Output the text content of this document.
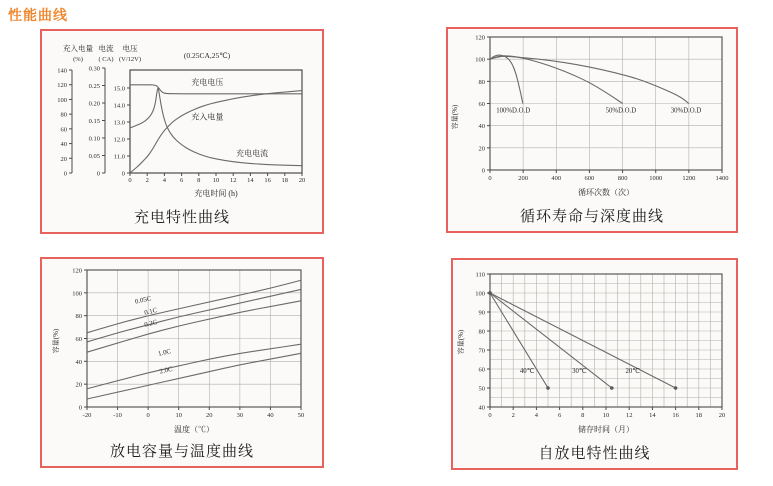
性能曲线
充入电量
(%)
电流
( CA)
电压
(V/12V)
0
20
40
60
80
100
120
140
0
0.05
0.10
0.15
0.20
0.25
0.30
0
11.0
12.0
13.0
14.0
15.0
0 2 4 6 8 10 12 14 16 18 20
(0.25CA,25℃)
充电时间 (h)
充电电压
充入电量
充电电流
充电特性曲线
0	200	400	600	800	1000	1200	1400
0
20
40
60
80
100
120
循环次数（次）
容量(%)	100%D.O.D	50%D.O.D	30%D.O.D
循环寿命与深度曲线
-20	-10	0	10	20	30	40	50
0
20
40
60
80
100
120
温度（℃）
容量(%)
0.05C
0.1C
0.2C
1.0C
2.0C
放电容量与温度曲线
0	2	4	6	8	10	12	14	16	18	20
40
50
60
70
80
90
100
110
储存时间（月）
容量(%)
40℃	30℃	20℃
自放电特性曲线
